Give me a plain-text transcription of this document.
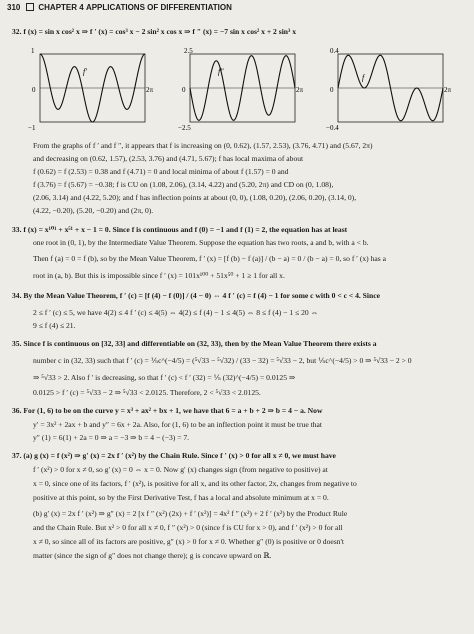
310 CHAPTER 4 APPLICATIONS OF DIFFERENTIATION
32. f (x) = sin x cos² x ⇒ f ′ (x) = cos³ x − 2 sin² x cos x ⇒ f ″ (x) = −7 sin x cos² x + 2 sin³ x
1
−1
0	2π
f′
2.5
−2.5
0	2π
f″
0.4
−0.4
0	2π
f
From the graphs of f ′ and f ″, it appears that f is increasing on (0, 0.62), (1.57, 2.53), (3.76, 4.71) and (5.67, 2π)
and decreasing on (0.62, 1.57), (2.53, 3.76) and (4.71, 5.67); f has local maxima of about
f (0.62) = f (2.53) = 0.38 and f (4.71) = 0 and local minima of about f (1.57) = 0 and
f (3.76) = f (5.67) = −0.38; f is CU on (1.08, 2.06), (3.14, 4.22) and (5.20, 2π) and CD on (0, 1.08),
(2.06, 3.14) and (4.22, 5.20); and f has inflection points at about (0, 0), (1.08, 0.20), (2.06, 0.20), (3.14, 0),
(4.22, −0.20), (5.20, −0.20) and (2π, 0).
33. f (x) = x¹⁰¹ + x⁵¹ + x − 1 = 0. Since f is continuous and f (0) = −1 and f (1) = 2, the equation has at least
one root in (0, 1), by the Intermediate Value Theorem. Suppose the equation has two roots, a and b, with a < b.
Then f (a) = 0 = f (b), so by the Mean Value Theorem, f ′ (x) = [f (b) − f (a)] / (b − a) = 0 / (b − a) = 0, so f ′ (x) has a
root in (a, b). But this is impossible since f ′ (x) = 101x¹⁰⁰ + 51x⁵⁰ + 1 ≥ 1 for all x.
34. By the Mean Value Theorem, f ′ (c) = [f (4) − f (0)] / (4 − 0) ⇔ 4 f ′ (c) = f (4) − 1 for some c with 0 < c < 4. Since
2 ≤ f ′ (c) ≤ 5, we have 4(2) ≤ 4 f ′ (c) ≤ 4(5) ⇔ 4(2) ≤ f (4) − 1 ≤ 4(5) ⇔ 8 ≤ f (4) − 1 ≤ 20 ⇔
9 ≤ f (4) ≤ 21.
35. Since f is continuous on [32, 33] and differentiable on (32, 33), then by the Mean Value Theorem there exists a
number c in (32, 33) such that f ′ (c) = ⅕c^(−4/5) = (⁵√33 − ⁵√32) / (33 − 32) = ⁵√33 − 2, but ⅕c^(−4/5) > 0 ⇒ ⁵√33 − 2 > 0
⇒ ⁵√33 > 2. Also f ′ is decreasing, so that f ′ (c) < f ′ (32) = ⅕ (32)^(−4/5) = 0.0125 ⇒
0.0125 > f ′ (c) = ⁵√33 − 2 ⇒ ⁵√33 < 2.0125. Therefore, 2 < ⁵√33 < 2.0125.
36. For (1, 6) to be on the curve y = x³ + ax² + bx + 1, we have that 6 = a + b + 2 ⇒ b = 4 − a. Now
y′ = 3x² + 2ax + b and y″ = 6x + 2a. Also, for (1, 6) to be an inflection point it must be true that
y″ (1) = 6(1) + 2a = 0 ⇒ a = −3 ⇒ b = 4 − (−3) = 7.
37. (a) g (x) = f (x²) ⇒ g′ (x) = 2x f ′ (x²) by the Chain Rule. Since f ′ (x) > 0 for all x ≠ 0, we must have
f ′ (x²) > 0 for x ≠ 0, so g′ (x) = 0 ⇔ x = 0. Now g′ (x) changes sign (from negative to positive) at
x = 0, since one of its factors, f ′ (x²), is positive for all x, and its other factor, 2x, changes from negative to
positive at this point, so by the First Derivative Test, f has a local and absolute minimum at x = 0.
(b) g′ (x) = 2x f ′ (x²) ⇒ g″ (x) = 2 [x f ″ (x²) (2x) + f ′ (x²)] = 4x² f ″ (x²) + 2 f ′ (x²) by the Product Rule
and the Chain Rule. But x² > 0 for all x ≠ 0, f ″ (x²) > 0 (since f is CU for x > 0), and f ′ (x²) > 0 for all
x ≠ 0, so since all of its factors are positive, g″ (x) > 0 for x ≠ 0. Whether g″ (0) is positive or 0 doesn't
matter (since the sign of g″ does not change there); g is concave upward on ℝ.
